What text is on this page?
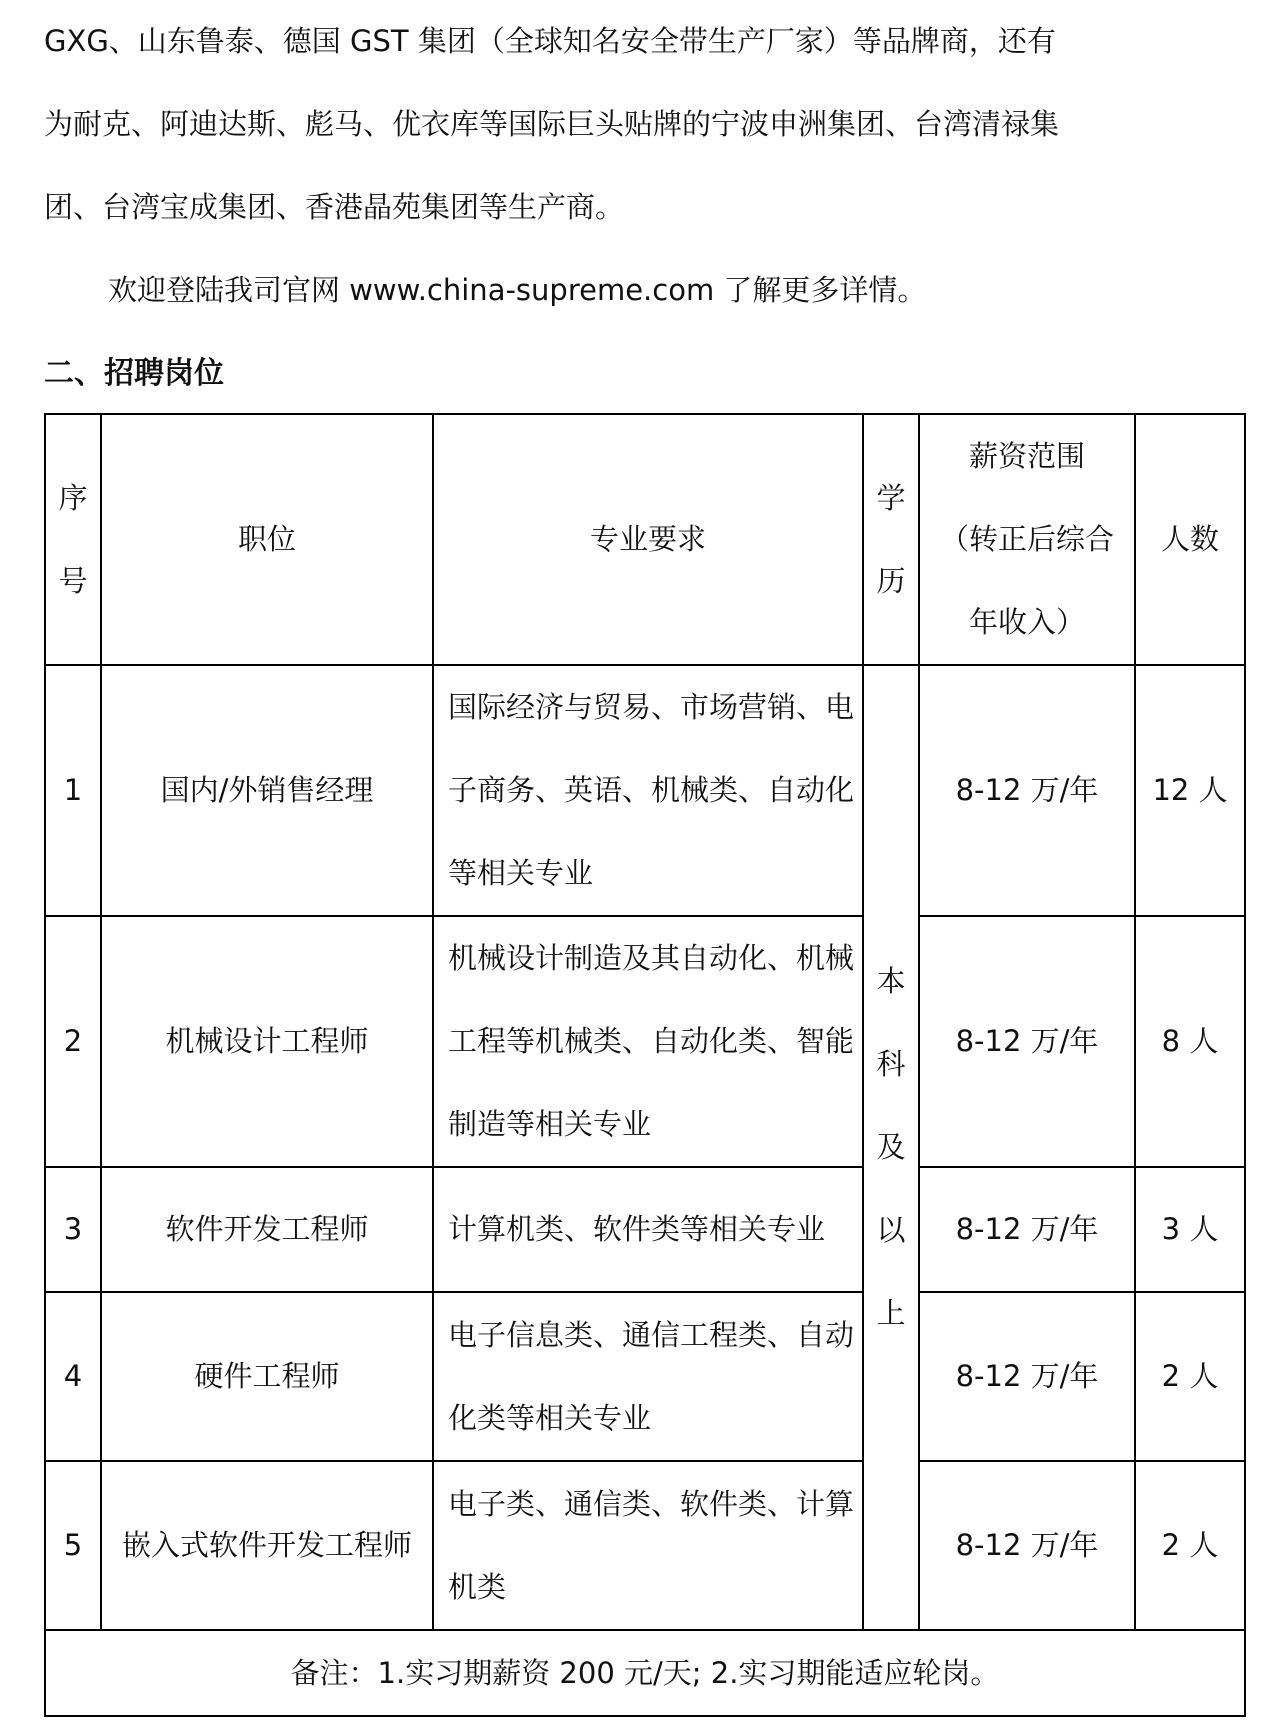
GXG、山东鲁泰、德国 GST 集团（全球知名安全带生产厂家）等品牌商，还有
为耐克、阿迪达斯、彪马、优衣库等国际巨头贴牌的宁波申洲集团、台湾清禄集
团、台湾宝成集团、香港晶苑集团等生产商。
欢迎登陆我司官网 www.china-supreme.com 了解更多详情。
二、招聘岗位
序
号	职位	专业要求	学
历	薪资范围
（转正后综合
年收入）	人数
1	国内/外销售经理	国际经济与贸易、市场营销、电
子商务、英语、机械类、自动化
等相关专业	本
科
及
以
上	8-12 万/年	12 人
2	机械设计工程师	机械设计制造及其自动化、机械
工程等机械类、自动化类、智能
制造等相关专业		8-12 万/年	8 人
3	软件开发工程师	计算机类、软件类等相关专业		8-12 万/年	3 人
4	硬件工程师	电子信息类、通信工程类、自动
化类等相关专业		8-12 万/年	2 人
5	嵌入式软件开发工程师	电子类、通信类、软件类、计算
机类		8-12 万/年	2 人
备注：1.实习期薪资 200 元/天; 2.实习期能适应轮岗。					
